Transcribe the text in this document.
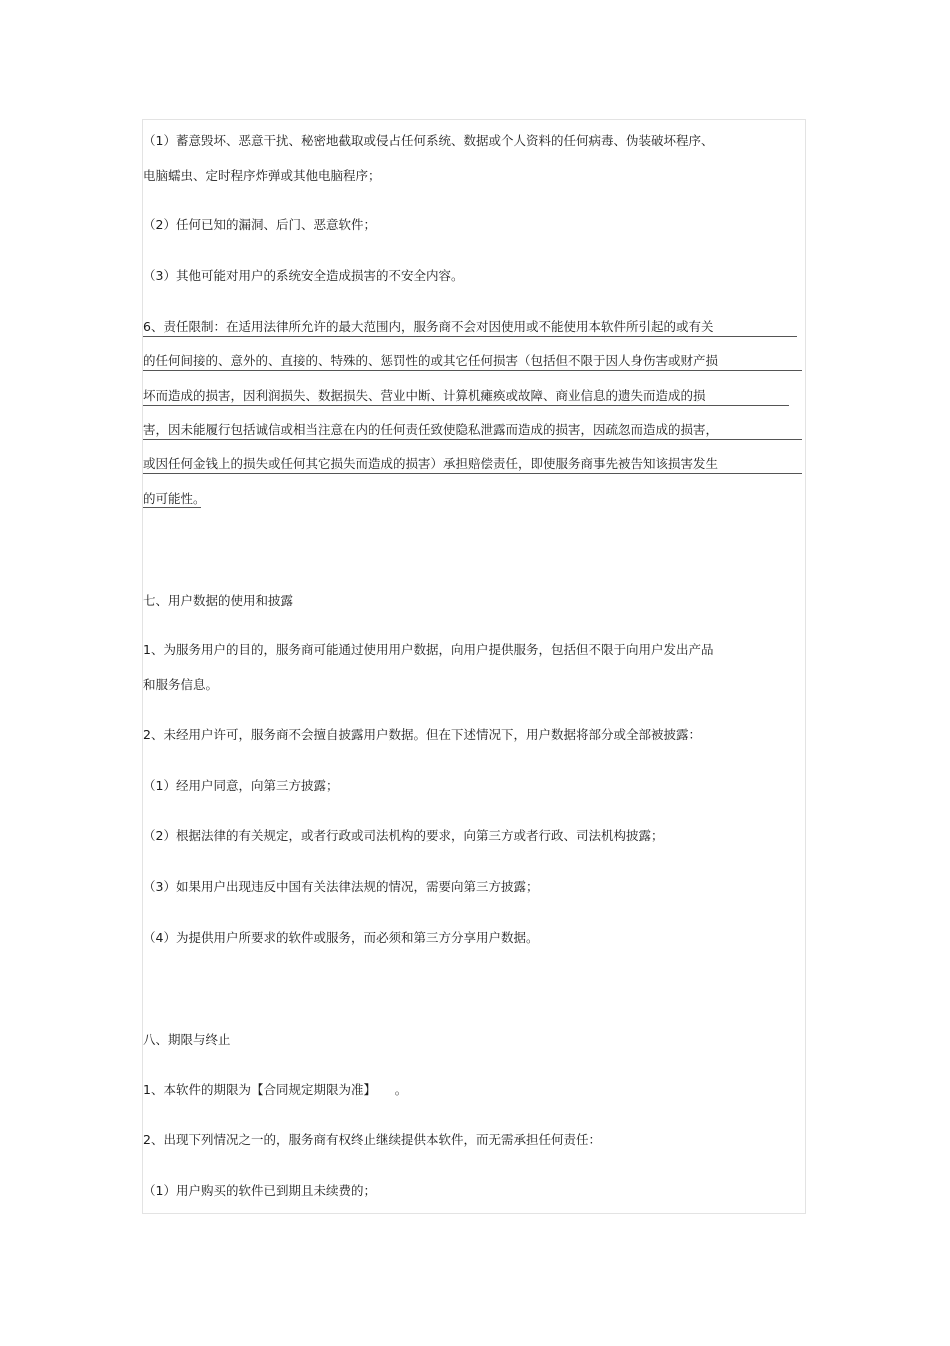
（1）蓄意毁坏、恶意干扰、秘密地截取或侵占任何系统、数据或个人资料的任何病毒、伪装破坏程序、
电脑蠕虫、定时程序炸弹或其他电脑程序；
（2）任何已知的漏洞、后门、恶意软件；
（3）其他可能对用户的系统安全造成损害的不安全内容。
6、责任限制：在适用法律所允许的最大范围内，服务商不会对因使用或不能使用本软件所引起的或有关
的任何间接的、意外的、直接的、特殊的、惩罚性的或其它任何损害（包括但不限于因人身伤害或财产损
坏而造成的损害，因利润损失、数据损失、营业中断、计算机瘫痪或故障、商业信息的遗失而造成的损
害，因未能履行包括诚信或相当注意在内的任何责任致使隐私泄露而造成的损害，因疏忽而造成的损害，
或因任何金钱上的损失或任何其它损失而造成的损害）承担赔偿责任，即使服务商事先被告知该损害发生
的可能性。
七、用户数据的使用和披露
1、为服务用户的目的，服务商可能通过使用用户数据，向用户提供服务，包括但不限于向用户发出产品
和服务信息。
2、未经用户许可，服务商不会擅自披露用户数据。但在下述情况下，用户数据将部分或全部被披露：
（1）经用户同意，向第三方披露；
（2）根据法律的有关规定，或者行政或司法机构的要求，向第三方或者行政、司法机构披露；
（3）如果用户出现违反中国有关法律法规的情况，需要向第三方披露；
（4）为提供用户所要求的软件或服务，而必须和第三方分享用户数据。
八、期限与终止
1、本软件的期限为【合同规定期限为准】　　。
2、出现下列情况之一的，服务商有权终止继续提供本软件，而无需承担任何责任：
（1）用户购买的软件已到期且未续费的；
